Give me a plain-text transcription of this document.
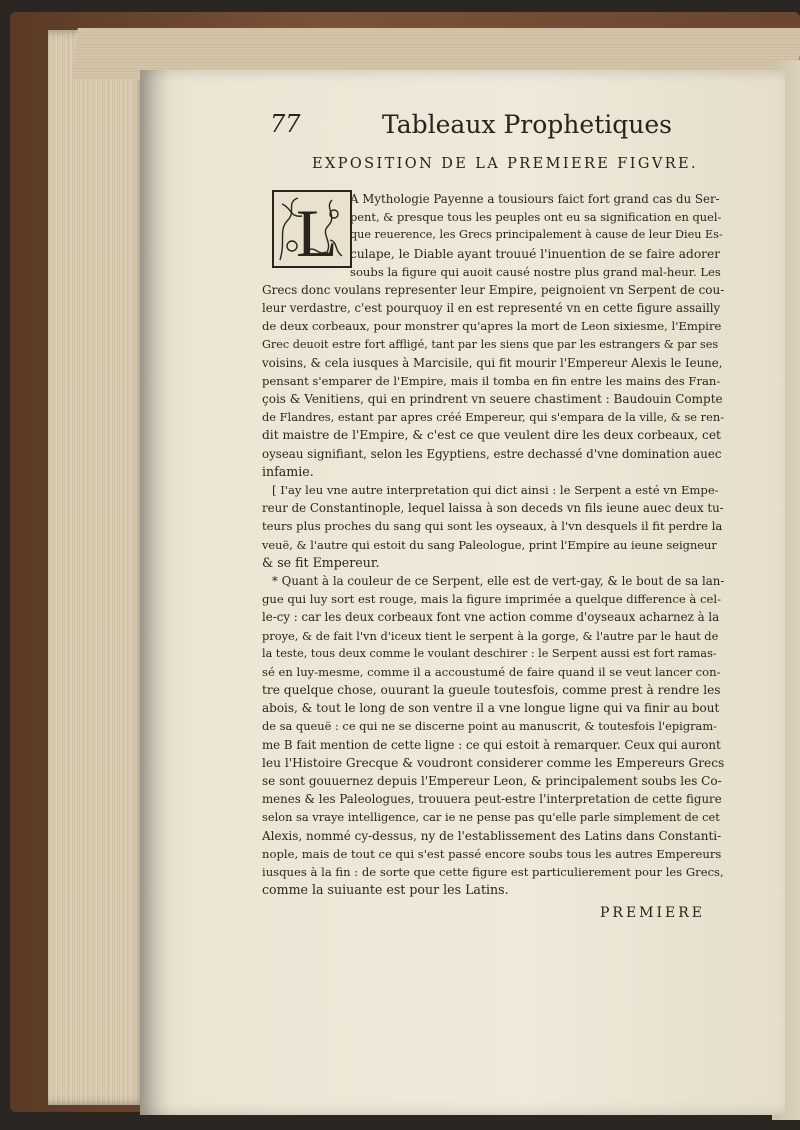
77	Tableaux Prophetiques
EXPOSITION DE LA PREMIERE FIGVRE.
L	A Mythologie Payenne a tousiours faict fort grand cas du Ser-
pent, & presque tous les peuples ont eu sa signification en quel-
que reuerence, les Grecs principalement à cause de leur Dieu Es-
culape, le Diable ayant trouué l'inuention de se faire adorer
soubs la figure qui auoit causé nostre plus grand mal-heur. Les
Grecs donc voulans representer leur Empire, peignoient vn Serpent de cou-
leur verdastre, c'est pourquoy il en est representé vn en cette figure assailly
de deux corbeaux, pour monstrer qu'apres la mort de Leon sixiesme, l'Empire
Grec deuoit estre fort affligé, tant par les siens que par les estrangers & par ses
voisins, & cela iusques à Marcisile, qui fit mourir l'Empereur Alexis le Ieune,
pensant s'emparer de l'Empire, mais il tomba en fin entre les mains des Fran-
çois & Venitiens, qui en prindrent vn seuere chastiment : Baudouin Compte
de Flandres, estant par apres créé Empereur, qui s'empara de la ville, & se ren-
dit maistre de l'Empire, & c'est ce que veulent dire les deux corbeaux, cet
oyseau signifiant, selon les Egyptiens, estre dechassé d'vne domination auec
infamie.
[ I'ay leu vne autre interpretation qui dict ainsi : le Serpent a esté vn Empe-
reur de Constantinople, lequel laissa à son deceds vn fils ieune auec deux tu-
teurs plus proches du sang qui sont les oyseaux, à l'vn desquels il fit perdre la
veuë, & l'autre qui estoit du sang Paleologue, print l'Empire au ieune seigneur
& se fit Empereur.
* Quant à la couleur de ce Serpent, elle est de vert-gay, & le bout de sa lan-
gue qui luy sort est rouge, mais la figure imprimée a quelque difference à cel-
le-cy : car les deux corbeaux font vne action comme d'oyseaux acharnez à la
proye, & de fait l'vn d'iceux tient le serpent à la gorge, & l'autre par le haut de
la teste, tous deux comme le voulant deschirer : le Serpent aussi est fort ramas-
sé en luy-mesme, comme il a accoustumé de faire quand il se veut lancer con-
tre quelque chose, ouurant la gueule toutesfois, comme prest à rendre les
abois, & tout le long de son ventre il a vne longue ligne qui va finir au bout
de sa queuë : ce qui ne se discerne point au manuscrit, & toutesfois l'epigram-
me B fait mention de cette ligne : ce qui estoit à remarquer. Ceux qui auront
leu l'Histoire Grecque & voudront considerer comme les Empereurs Grecs
se sont gouuernez depuis l'Empereur Leon, & principalement soubs les Co-
menes & les Paleologues, trouuera peut-estre l'interpretation de cette figure
selon sa vraye intelligence, car ie ne pense pas qu'elle parle simplement de cet
Alexis, nommé cy-dessus, ny de l'establissement des Latins dans Constanti-
nople, mais de tout ce qui s'est passé encore soubs tous les autres Empereurs
iusques à la fin : de sorte que cette figure est particulierement pour les Grecs,
comme la suiuante est pour les Latins.
PREMIERE
